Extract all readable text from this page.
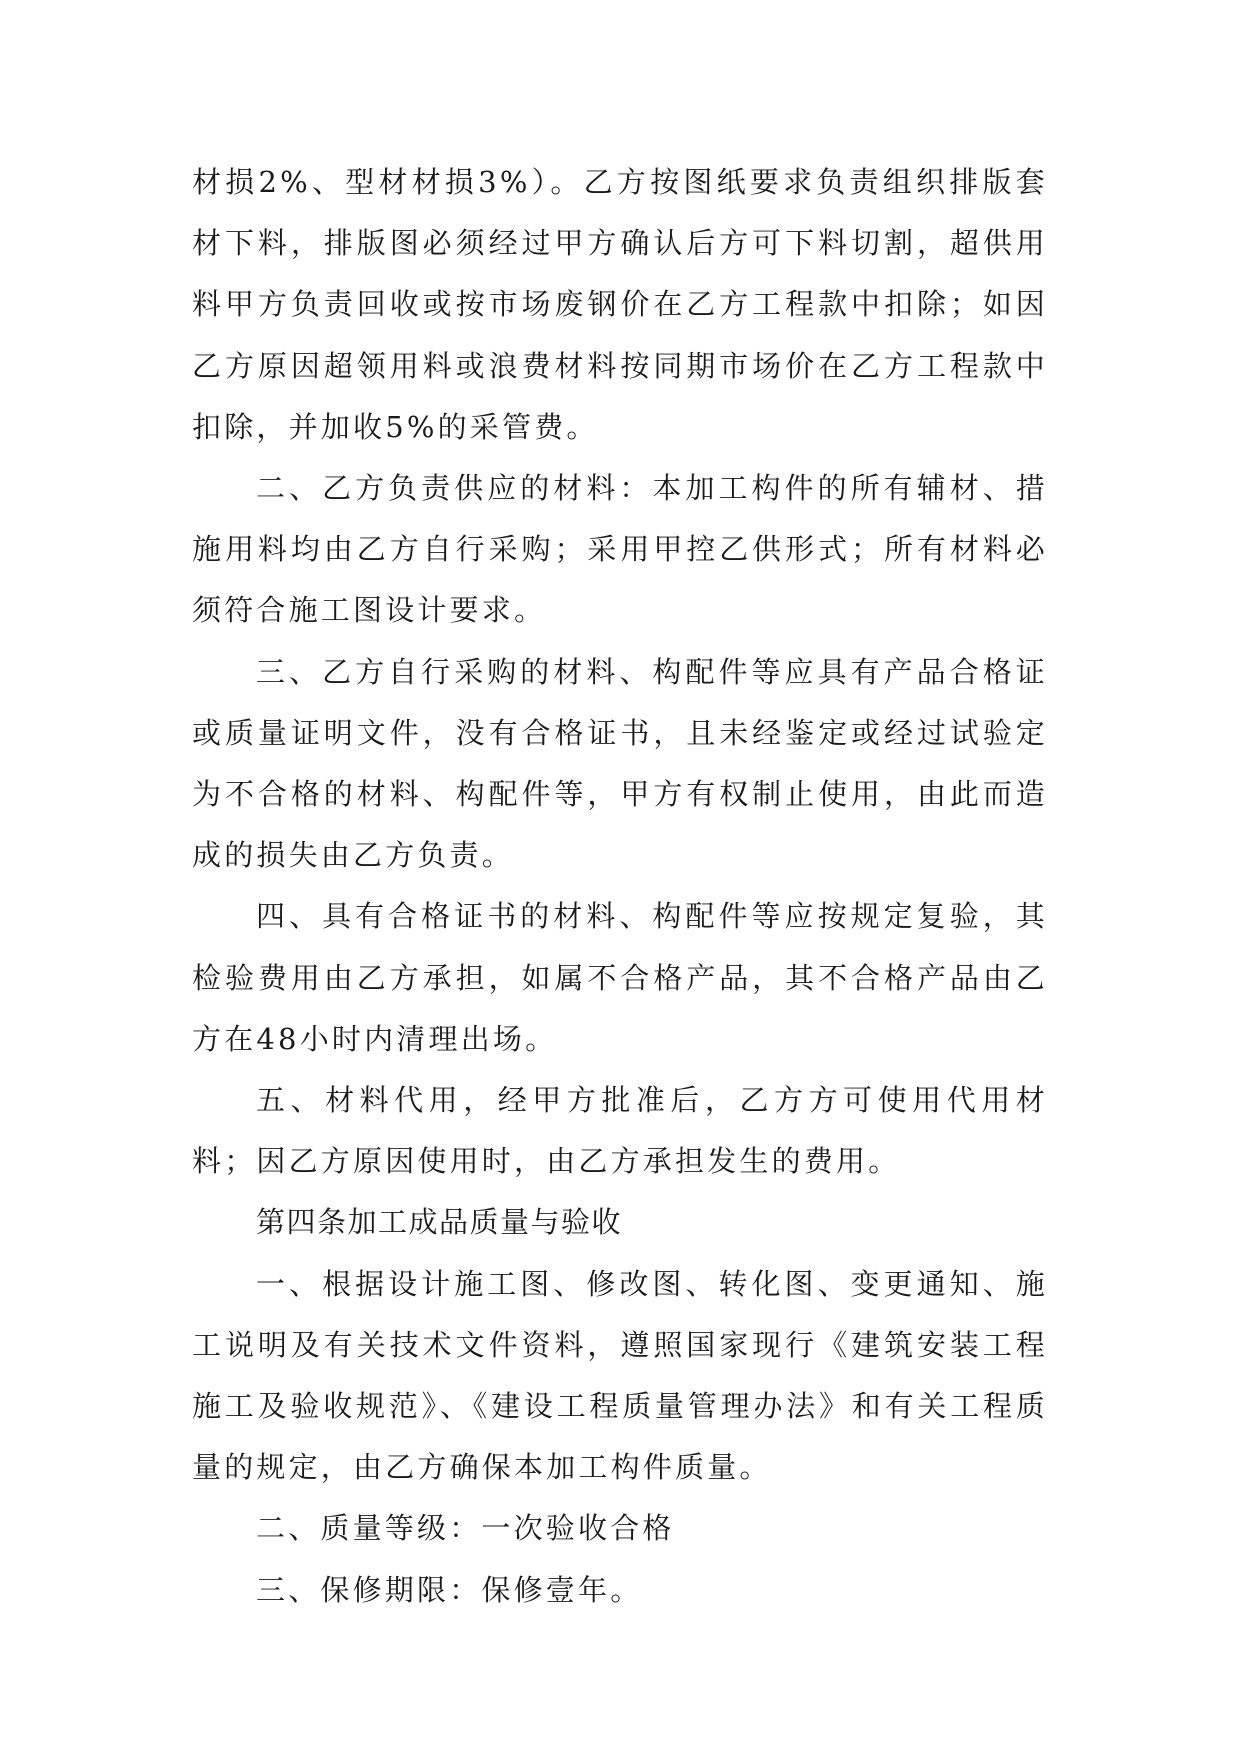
材损2%、型材材损3%）。乙方按图纸要求负责组织排版套材下料，排版图必须经过甲方确认后方可下料切割，超供用料甲方负责回收或按市场废钢价在乙方工程款中扣除；如因乙方原因超领用料或浪费材料按同期市场价在乙方工程款中扣除，并加收5%的采管费。

二、乙方负责供应的材料：本加工构件的所有辅材、措施用料均由乙方自行采购；采用甲控乙供形式；所有材料必须符合施工图设计要求。

三、乙方自行采购的材料、构配件等应具有产品合格证或质量证明文件，没有合格证书，且未经鉴定或经过试验定为不合格的材料、构配件等，甲方有权制止使用，由此而造成的损失由乙方负责。

四、具有合格证书的材料、构配件等应按规定复验，其检验费用由乙方承担，如属不合格产品，其不合格产品由乙方在48小时内清理出场。

五、材料代用，经甲方批准后，乙方方可使用代用材料；因乙方原因使用时，由乙方承担发生的费用。

第四条加工成品质量与验收

一、根据设计施工图、修改图、转化图、变更通知、施工说明及有关技术文件资料，遵照国家现行《建筑安装工程施工及验收规范》、《建设工程质量管理办法》和有关工程质量的规定，由乙方确保本加工构件质量。

二、质量等级：一次验收合格

三、保修期限：保修壹年。
